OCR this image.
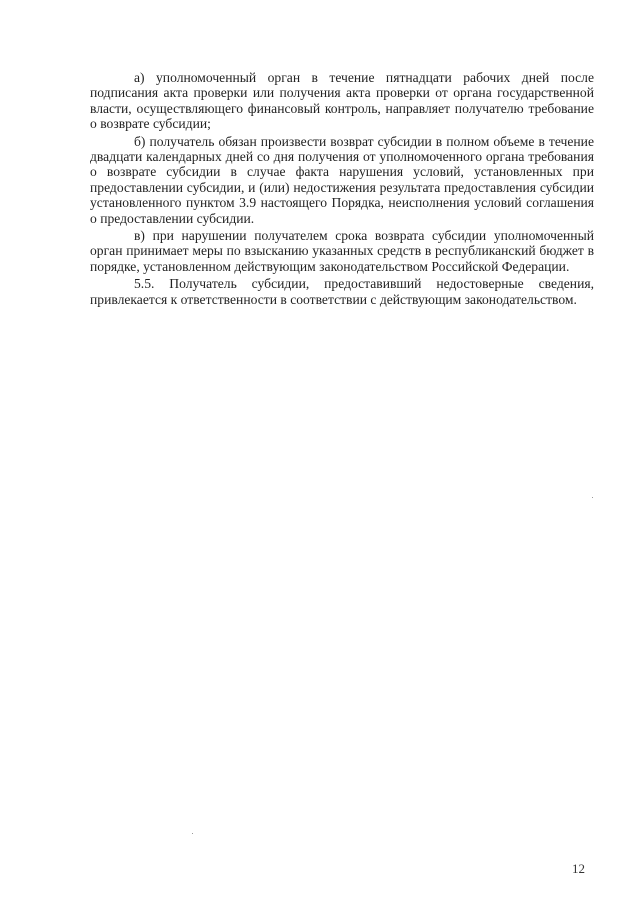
а) уполномоченный орган в течение пятнадцати рабочих дней после подписания акта проверки или получения акта проверки от органа государственной власти, осуществляющего финансовый контроль, направляет получателю требование о возврате субсидии;

б) получатель обязан произвести возврат субсидии в полном объеме в течение двадцати календарных дней со дня получения от уполномоченного органа требования о возврате субсидии в случае факта нарушения условий, установленных при предоставлении субсидии, и (или) недостижения результата предоставления субсидии установленного пунктом 3.9 настоящего Порядка, неисполнения условий соглашения о предоставлении субсидии.

в) при нарушении получателем срока возврата субсидии уполномоченный орган принимает меры по взысканию указанных средств в республиканский бюджет в порядке, установленном действующим законодательством Российской Федерации.

5.5. Получатель субсидии, предоставивший недостоверные сведения, привлекается к ответственности в соответствии с действующим законодательством.

12
